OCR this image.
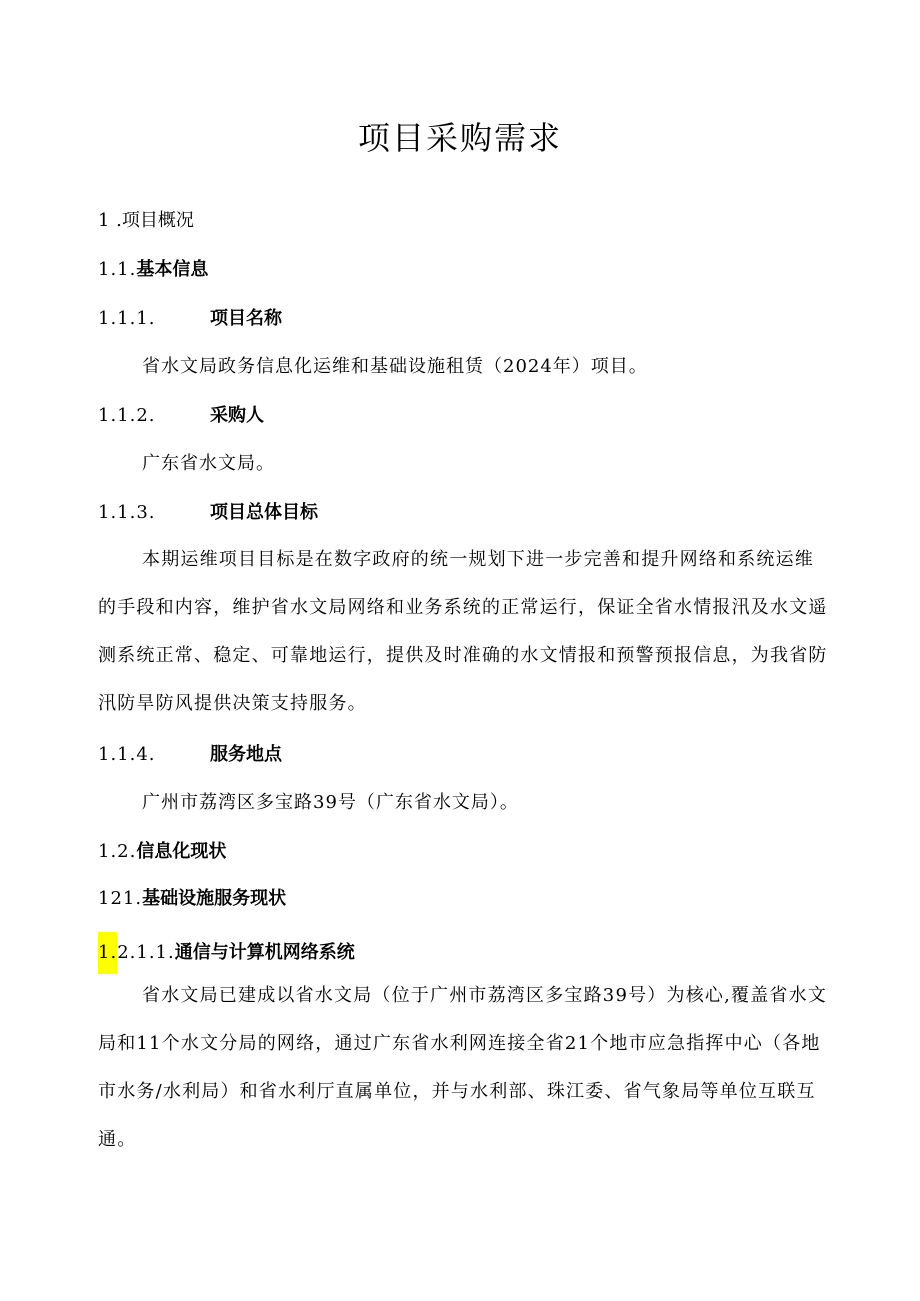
项目采购需求
1 .项目概况
1.1.基本信息
1.1.1.	项目名称
省水文局政务信息化运维和基础设施租赁（2024年）项目。
1.1.2.	采购人
广东省水文局。
1.1.3.	项目总体目标
本期运维项目目标是在数字政府的统一规划下进一步完善和提升网络和系统运维的手段和内容，维护省水文局网络和业务系统的正常运行，保证全省水情报汛及水文遥测系统正常、稳定、可靠地运行，提供及时准确的水文情报和预警预报信息，为我省防汛防旱防风提供决策支持服务。
1.1.4.	服务地点
广州市荔湾区多宝路39号（广东省水文局）。
1.2.信息化现状
121.基础设施服务现状
1.2.1.1.通信与计算机网络系统
省水文局已建成以省水文局（位于广州市荔湾区多宝路39号）为核心,覆盖省水文局和11个水文分局的网络，通过广东省水利网连接全省21个地市应急指挥中心（各地市水务/水利局）和省水利厅直属单位，并与水利部、珠江委、省气象局等单位互联互通。
